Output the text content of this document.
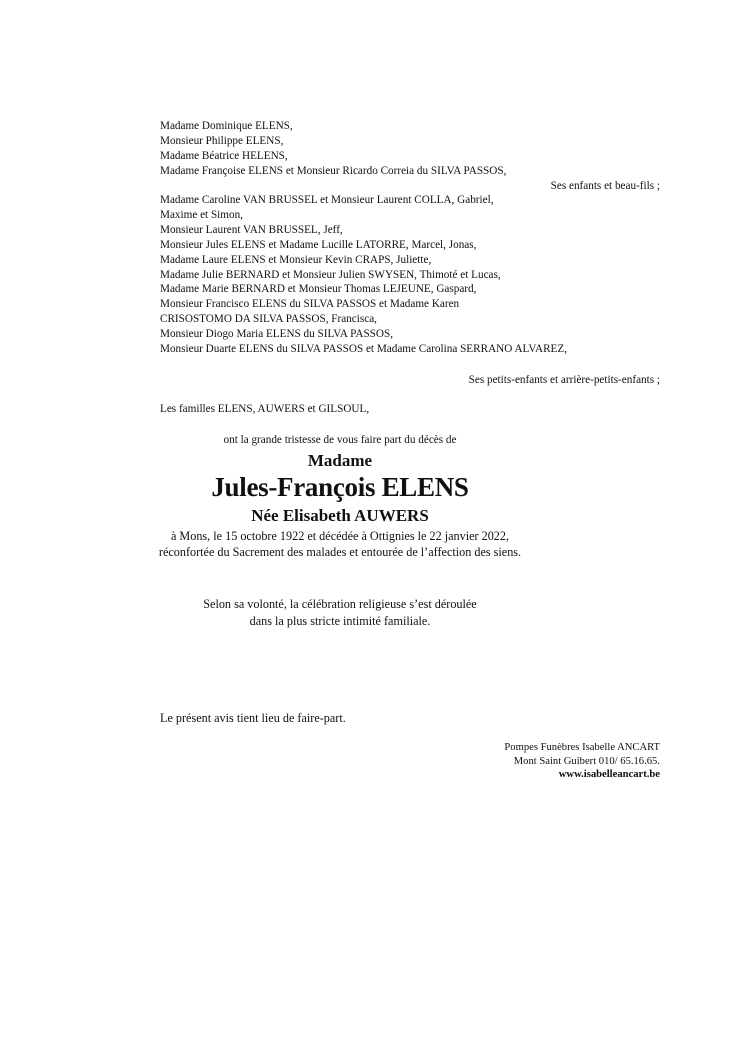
Madame Dominique ELENS,
Monsieur Philippe ELENS,
Madame Béatrice HELENS,
Madame Françoise ELENS et Monsieur Ricardo Correia du SILVA PASSOS,
Ses enfants et beau-fils ;
Madame Caroline VAN BRUSSEL et Monsieur Laurent COLLA, Gabriel,
Maxime et Simon,
Monsieur Laurent VAN BRUSSEL, Jeff,
Monsieur Jules ELENS et Madame Lucille LATORRE, Marcel, Jonas,
Madame Laure ELENS et Monsieur Kevin CRAPS, Juliette,
Madame Julie BERNARD et Monsieur Julien SWYSEN, Thimoté et Lucas,
Madame Marie BERNARD et Monsieur Thomas LEJEUNE, Gaspard,
Monsieur Francisco ELENS du SILVA PASSOS et Madame Karen
CRISOSTOMO DA SILVA PASSOS, Francisca,
Monsieur Diogo Maria ELENS du SILVA PASSOS,
Monsieur Duarte ELENS du SILVA PASSOS et Madame Carolina SERRANO ALVAREZ,
Ses petits-enfants et arrière-petits-enfants ;
Les familles ELENS, AUWERS et GILSOUL,
ont la grande tristesse de vous faire part du décès de
Madame
Jules-François ELENS
Née Elisabeth AUWERS
à Mons, le 15 octobre 1922 et décédée à Ottignies le 22 janvier 2022,
réconfortée du Sacrement des malades et entourée de l’affection des siens.
Selon sa volonté, la célébration religieuse s’est déroulée
dans la plus stricte intimité familiale.
Le présent avis tient lieu de faire-part.
Pompes Funèbres Isabelle ANCART
Mont Saint Guibert 010/ 65.16.65.
www.isabelleancart.be
